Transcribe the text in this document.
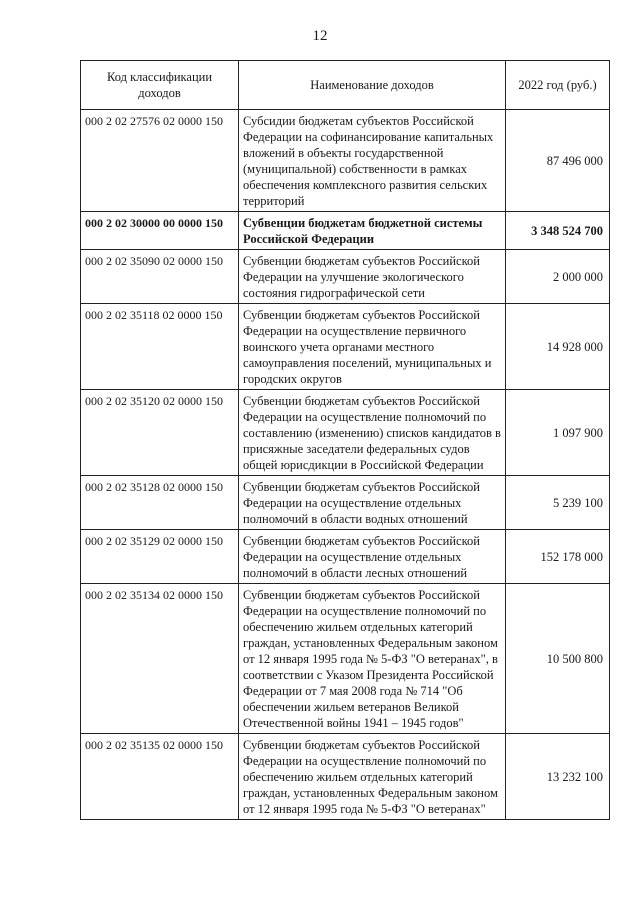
12
Код классификации доходов	Наименование доходов	2022 год (руб.)
000 2 02 27576 02 0000 150	Субсидии бюджетам субъектов Российской Федерации на софинансирование капитальных вложений в объекты государственной (муниципальной) собственности в рамках обеспечения комплексного развития сельских территорий	87 496 000
000 2 02 30000 00 0000 150	Субвенции бюджетам бюджетной системы Российской Федерации	3 348 524 700
000 2 02 35090 02 0000 150	Субвенции бюджетам субъектов Российской Федерации на улучшение экологического состояния гидрографической сети	2 000 000
000 2 02 35118 02 0000 150	Субвенции бюджетам субъектов Российской Федерации на осуществление первичного воинского учета органами местного самоуправления поселений, муниципальных и городских округов	14 928 000
000 2 02 35120 02 0000 150	Субвенции бюджетам субъектов Российской Федерации на осуществление полномочий по составлению (изменению) списков кандидатов в присяжные заседатели федеральных судов общей юрисдикции в Российской Федерации	1 097 900
000 2 02 35128 02 0000 150	Субвенции бюджетам субъектов Российской Федерации на осуществление отдельных полномочий в области водных отношений	5 239 100
000 2 02 35129 02 0000 150	Субвенции бюджетам субъектов Российской Федерации на осуществление отдельных полномочий в области лесных отношений	152 178 000
000 2 02 35134 02 0000 150	Субвенции бюджетам субъектов Российской Федерации на осуществление полномочий по обеспечению жильем отдельных категорий граждан, установленных Федеральным законом от 12 января 1995 года № 5-ФЗ "О ветеранах", в соответствии с Указом Президента Российской Федерации от 7 мая 2008 года № 714 "Об обеспечении жильем ветеранов Великой Отечественной войны 1941 – 1945 годов"	10 500 800
000 2 02 35135 02 0000 150	Субвенции бюджетам субъектов Российской Федерации на осуществление полномочий по обеспечению жильем отдельных категорий граждан, установленных Федеральным законом от 12 января 1995 года № 5-ФЗ "О ветеранах"	13 232 100
